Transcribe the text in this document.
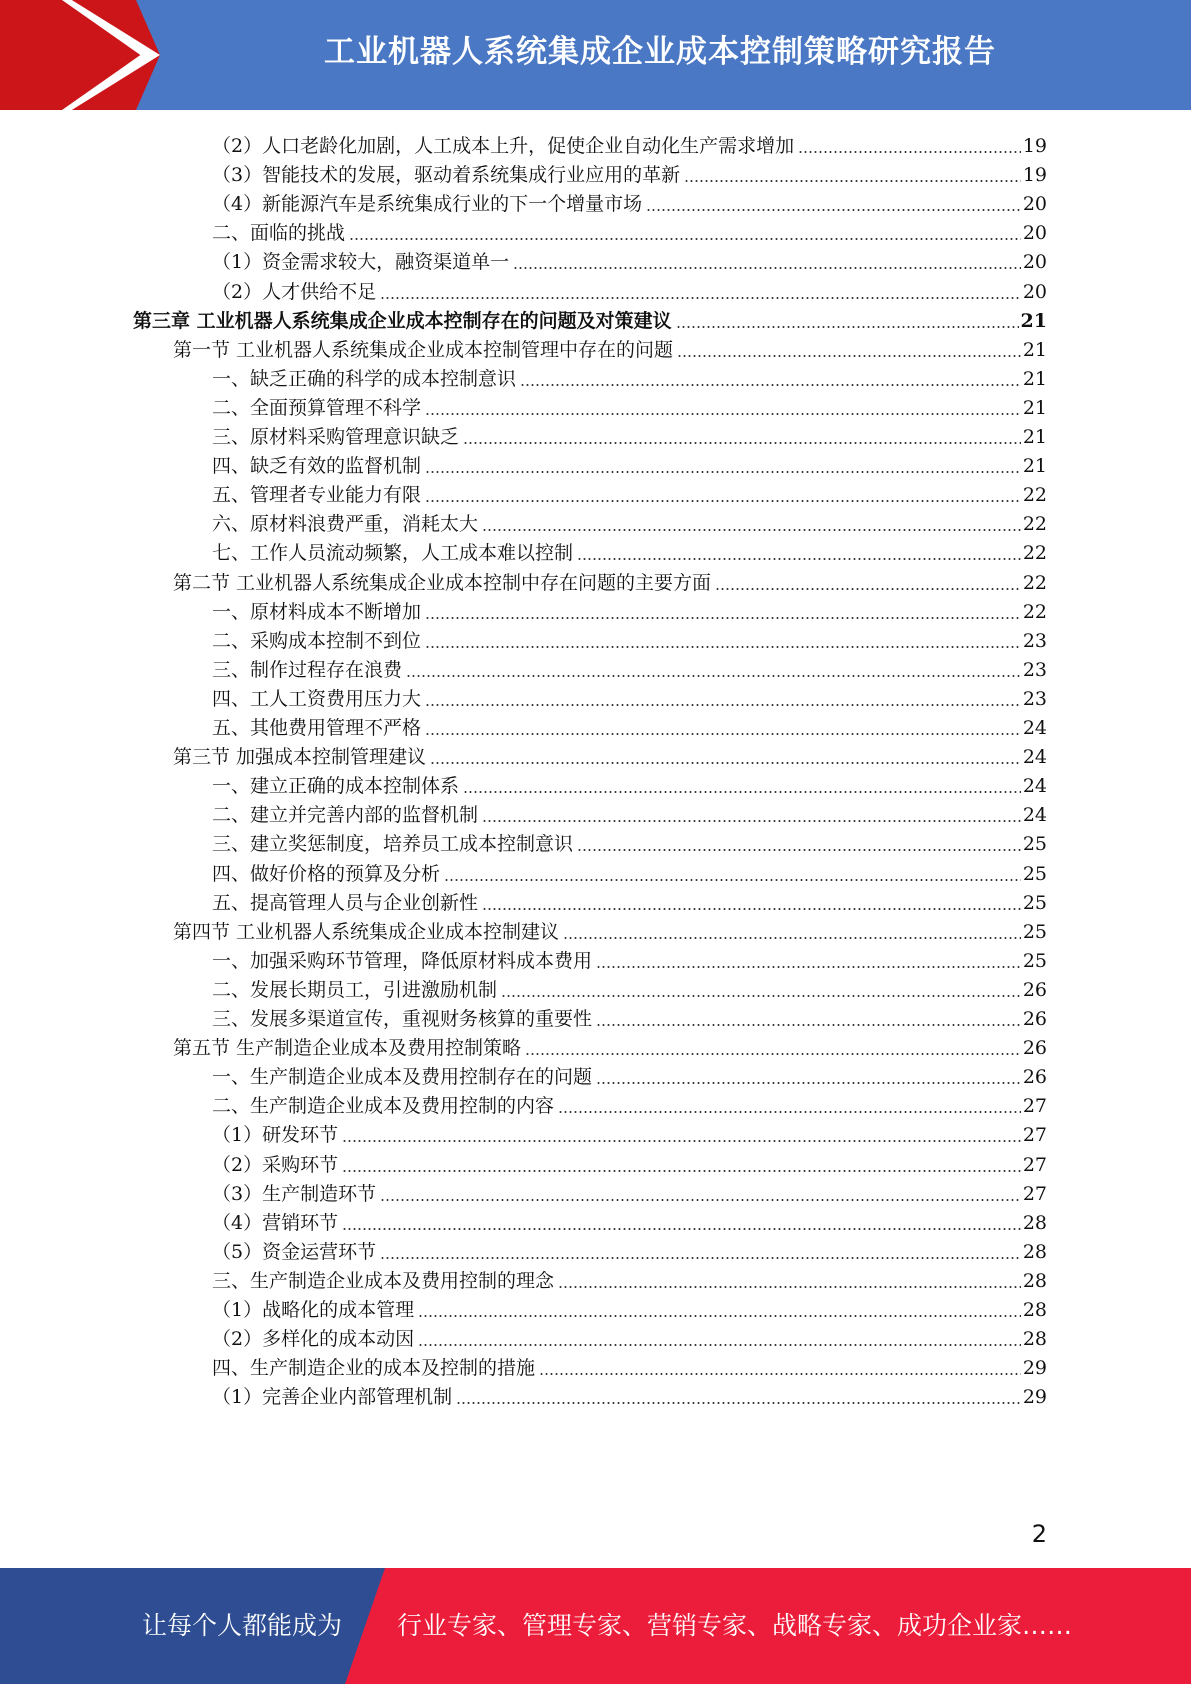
工业机器人系统集成企业成本控制策略研究报告
（2）人口老龄化加剧，人工成本上升，促使企业自动化生产需求增加	19
（3）智能技术的发展，驱动着系统集成行业应用的革新	19
（4）新能源汽车是系统集成行业的下一个增量市场	20
二、面临的挑战	20
（1）资金需求较大，融资渠道单一	20
（2）人才供给不足	20
第三章 工业机器人系统集成企业成本控制存在的问题及对策建议	21
第一节 工业机器人系统集成企业成本控制管理中存在的问题	21
一、缺乏正确的科学的成本控制意识	21
二、全面预算管理不科学	21
三、原材料采购管理意识缺乏	21
四、缺乏有效的监督机制	21
五、管理者专业能力有限	22
六、原材料浪费严重，消耗太大	22
七、工作人员流动频繁，人工成本难以控制	22
第二节 工业机器人系统集成企业成本控制中存在问题的主要方面	22
一、原材料成本不断增加	22
二、采购成本控制不到位	23
三、制作过程存在浪费	23
四、工人工资费用压力大	23
五、其他费用管理不严格	24
第三节 加强成本控制管理建议	24
一、建立正确的成本控制体系	24
二、建立并完善内部的监督机制	24
三、建立奖惩制度，培养员工成本控制意识	25
四、做好价格的预算及分析	25
五、提高管理人员与企业创新性	25
第四节 工业机器人系统集成企业成本控制建议	25
一、加强采购环节管理，降低原材料成本费用	25
二、发展长期员工，引进激励机制	26
三、发展多渠道宣传，重视财务核算的重要性	26
第五节 生产制造企业成本及费用控制策略	26
一、生产制造企业成本及费用控制存在的问题	26
二、生产制造企业成本及费用控制的内容	27
（1）研发环节	27
（2）采购环节	27
（3）生产制造环节	27
（4）营销环节	28
（5）资金运营环节	28
三、生产制造企业成本及费用控制的理念	28
（1）战略化的成本管理	28
（2）多样化的成本动因	28
四、生产制造企业的成本及控制的措施	29
（1）完善企业内部管理机制	29
2
让每个人都能成为 行业专家、管理专家、营销专家、战略专家、成功企业家……
